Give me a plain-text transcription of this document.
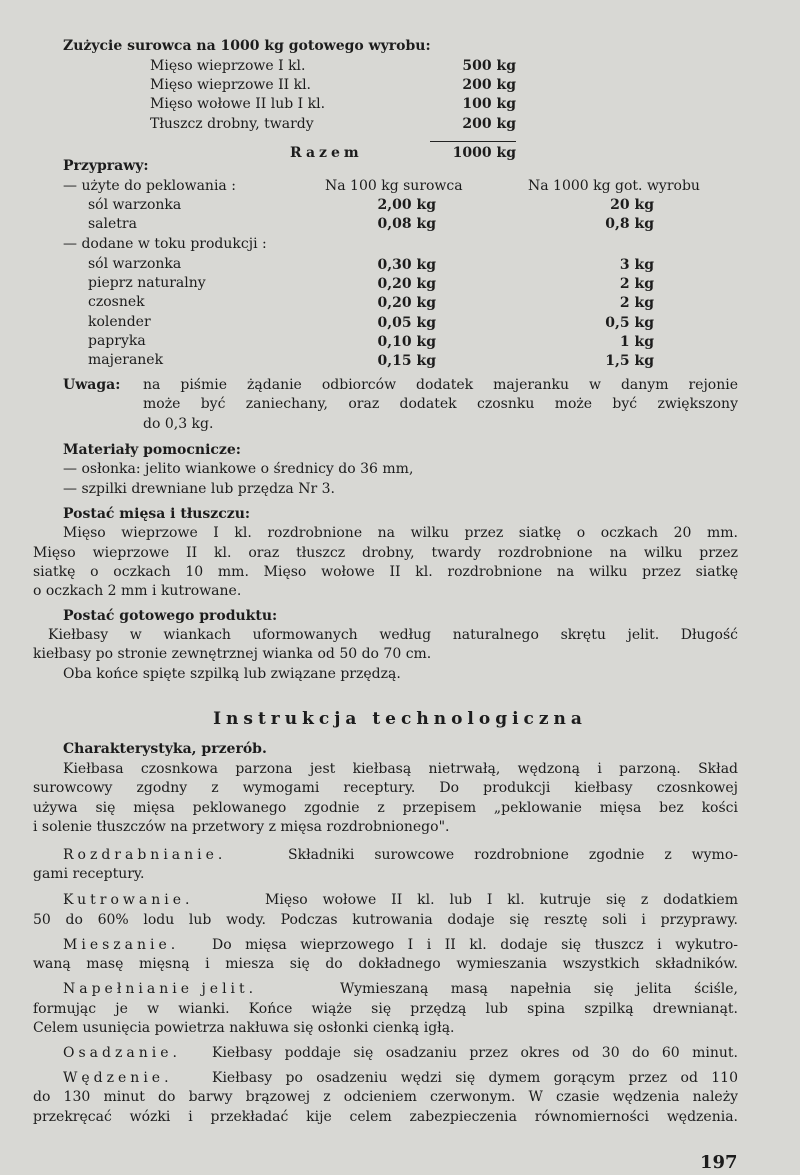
Zużycie surowca na 1000 kg gotowego wyrobu:
Mięso wieprzowe I kl.	500 kg
Mięso wieprzowe II kl.	200 kg
Mięso wołowe II lub I kl.	100 kg
Tłuszcz drobny, twardy	200 kg
Razem	1000 kg
Przyprawy:
— użyte do peklowania :	Na 100 kg surowca	Na 1000 kg got. wyrobu
sól warzonka	2,00 kg	20 kg
saletra	0,08 kg	0,8 kg
— dodane w toku produkcji :
sól warzonka	0,30 kg	3 kg
pieprz naturalny	0,20 kg	2 kg
czosnek	0,20 kg	2 kg
kolender	0,05 kg	0,5 kg
papryka	0,10 kg	1 kg
majeranek	0,15 kg	1,5 kg
Uwaga: na piśmie żądanie odbiorców dodatek majeranku w danym rejonie
może być zaniechany, oraz dodatek czosnku może być zwiększony
do 0,3 kg.
Materiały pomocnicze:
— osłonka: jelito wiankowe o średnicy do 36 mm,
— szpilki drewniane lub przędza Nr 3.
Postać mięsa i tłuszczu:
Mięso wieprzowe I kl. rozdrobnione na wilku przez siatkę o oczkach 20 mm.
Mięso wieprzowe II kl. oraz tłuszcz drobny, twardy rozdrobnione na wilku przez
siatkę o oczkach 10 mm. Mięso wołowe II kl. rozdrobnione na wilku przez siatkę
o oczkach 2 mm i kutrowane.
Postać gotowego produktu:
Kiełbasy w wiankach uformowanych według naturalnego skrętu jelit. Długość
kiełbasy po stronie zewnętrznej wianka od 50 do 70 cm.
Oba końce spięte szpilką lub związane przędzą.
Instrukcja technologiczna
Charakterystyka, przerób.
Kiełbasa czosnkowa parzona jest kiełbasą nietrwałą, wędzoną i parzoną. Skład
surowcowy zgodny z wymogami receptury. Do produkcji kiełbasy czosnkowej
używa się mięsa peklowanego zgodnie z przepisem „peklowanie mięsa bez kości
i solenie tłuszczów na przetwory z mięsa rozdrobnionego".
Rozdrabnianie.	Składniki surowcowe rozdrobnione zgodnie z wymo-
gami receptury.
Kutrowanie.	Mięso wołowe II kl. lub I kl. kutruje się z dodatkiem
50 do 60% lodu lub wody. Podczas kutrowania dodaje się resztę soli i przyprawy.
Mieszanie. Do mięsa wieprzowego I i II kl. dodaje się tłuszcz i wykutro-
waną masę mięsną i miesza się do dokładnego wymieszania wszystkich składników.
Napełnianie jelit.	Wymieszaną masą napełnia się jelita ściśle,
formując je w wianki. Końce wiąże się przędzą lub spina szpilką drewnianąt.
Celem usunięcia powietrza nakłuwa się osłonki cienką igłą.
Osadzanie. Kiełbasy poddaje się osadzaniu przez okres od 30 do 60 minut.
Wędzenie.	Kiełbasy po osadzeniu wędzi się dymem gorącym przez od 110
do 130 minut do barwy brązowej z odcieniem czerwonym. W czasie wędzenia należy
przekręcać wózki i przekładać kije celem zabezpieczenia równomierności wędzenia.
197
